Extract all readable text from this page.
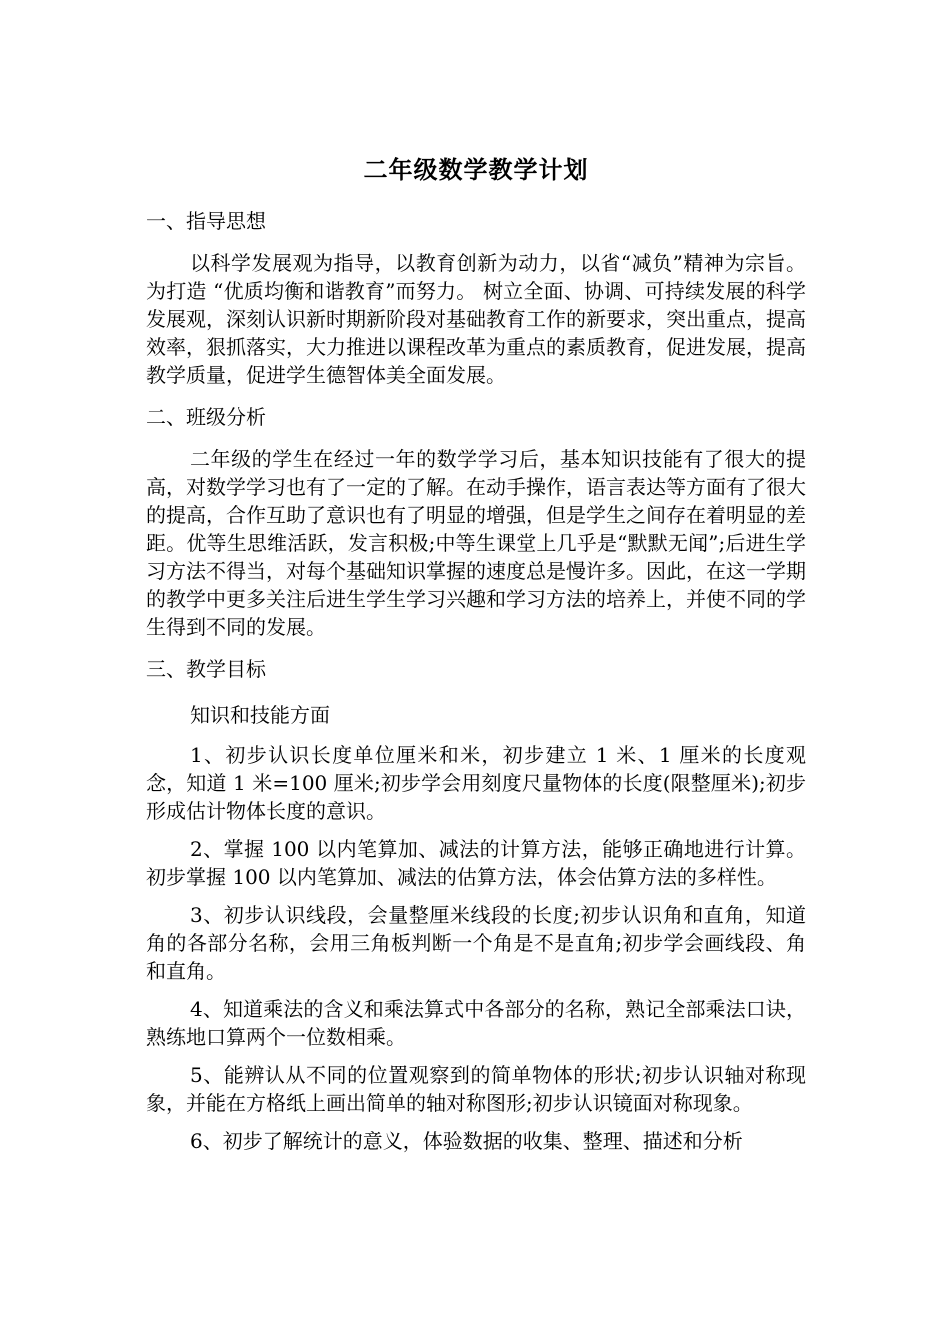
二年级数学教学计划
一、指导思想

以科学发展观为指导，以教育创新为动力，以省“减负”精神为宗旨。为打造 “优质均衡和谐教育”而努力。 树立全面、协调、可持续发展的科学发展观，深刻认识新时期新阶段对基础教育工作的新要求，突出重点，提高效率，狠抓落实，大力推进以课程改革为重点的素质教育，促进发展，提高教学质量，促进学生德智体美全面发展。

二、班级分析

二年级的学生在经过一年的数学学习后，基本知识技能有了很大的提高，对数学学习也有了一定的了解。在动手操作，语言表达等方面有了很大的提高，合作互助了意识也有了明显的增强，但是学生之间存在着明显的差距。优等生思维活跃，发言积极;中等生课堂上几乎是“默默无闻”;后进生学习方法不得当，对每个基础知识掌握的速度总是慢许多。因此，在这一学期的教学中更多关注后进生学生学习兴趣和学习方法的培养上，并使不同的学生得到不同的发展。

三、教学目标
知识和技能方面

1、初步认识长度单位厘米和米，初步建立 1 米、1 厘米的长度观念，知道 1 米=100 厘米;初步学会用刻度尺量物体的长度(限整厘米);初步形成估计物体长度的意识。

2、掌握 100 以内笔算加、减法的计算方法，能够正确地进行计算。初步掌握 100 以内笔算加、减法的估算方法，体会估算方法的多样性。

3、初步认识线段，会量整厘米线段的长度;初步认识角和直角，知道角的各部分名称，会用三角板判断一个角是不是直角;初步学会画线段、角和直角。

4、知道乘法的含义和乘法算式中各部分的名称，熟记全部乘法口诀，熟练地口算两个一位数相乘。

5、能辨认从不同的位置观察到的简单物体的形状;初步认识轴对称现象，并能在方格纸上画出简单的轴对称图形;初步认识镜面对称现象。

6、初步了解统计的意义，体验数据的收集、整理、描述和分析
